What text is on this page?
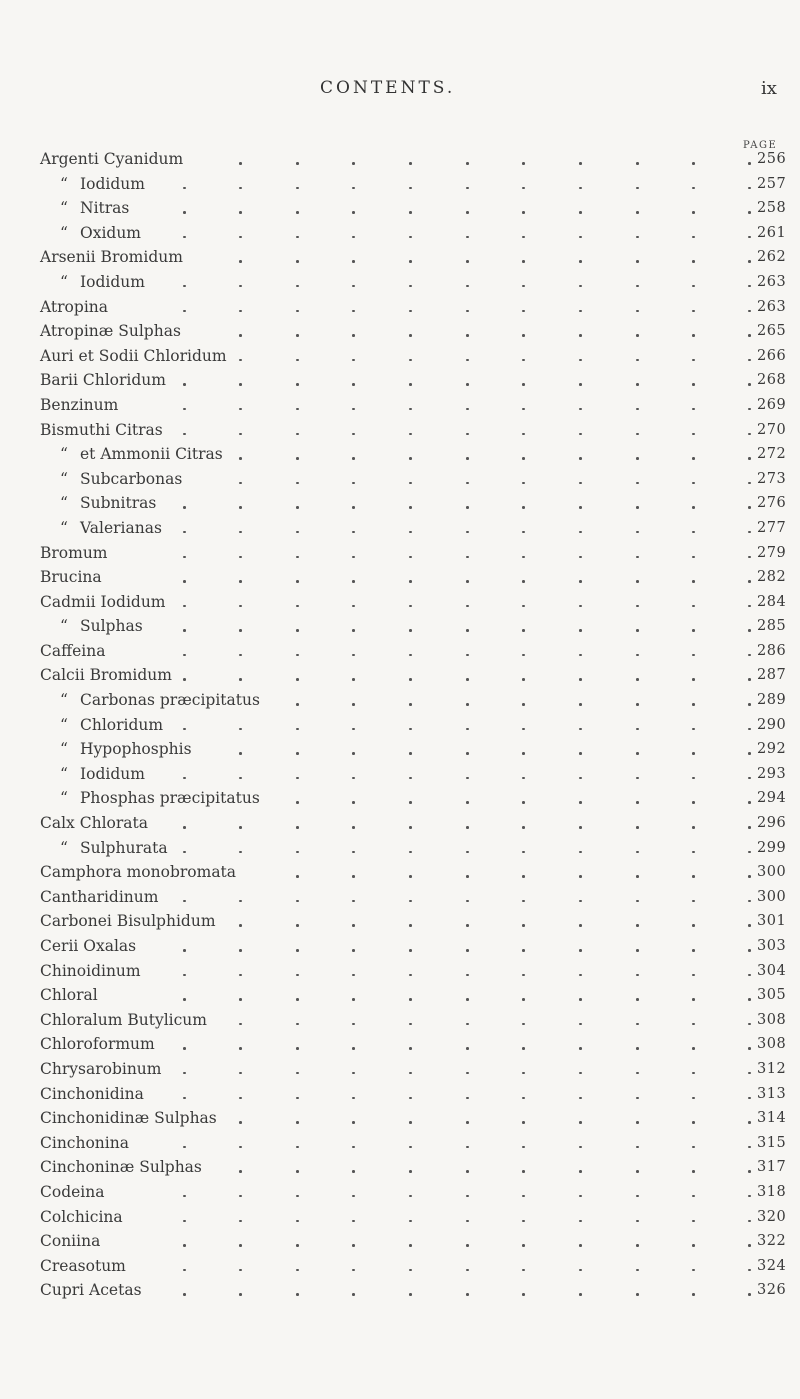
CONTENTS.	ix
PAGE
Argenti Cyanidum	256
“ Iodidum	257
“ Nitras	258
“ Oxidum	261
Arsenii Bromidum	262
“ Iodidum	263
Atropina	263
Atropinæ Sulphas	265
Auri et Sodii Chloridum	266
Barii Chloridum	268
Benzinum	269
Bismuthi Citras	270
“ et Ammonii Citras	272
“ Subcarbonas	273
“ Subnitras	276
“ Valerianas	277
Bromum	279
Brucina	282
Cadmii Iodidum	284
“ Sulphas	285
Caffeina	286
Calcii Bromidum	287
“ Carbonas præcipitatus	289
“ Chloridum	290
“ Hypophosphis	292
“ Iodidum	293
“ Phosphas præcipitatus	294
Calx Chlorata	296
“ Sulphurata	299
Camphora monobromata	300
Cantharidinum	300
Carbonei Bisulphidum	301
Cerii Oxalas	303
Chinoidinum	304
Chloral	305
Chloralum Butylicum	308
Chloroformum	308
Chrysarobinum	312
Cinchonidina	313
Cinchonidinæ Sulphas	314
Cinchonina	315
Cinchoninæ Sulphas	317
Codeina	318
Colchicina	320
Coniina	322
Creasotum	324
Cupri Acetas	326
